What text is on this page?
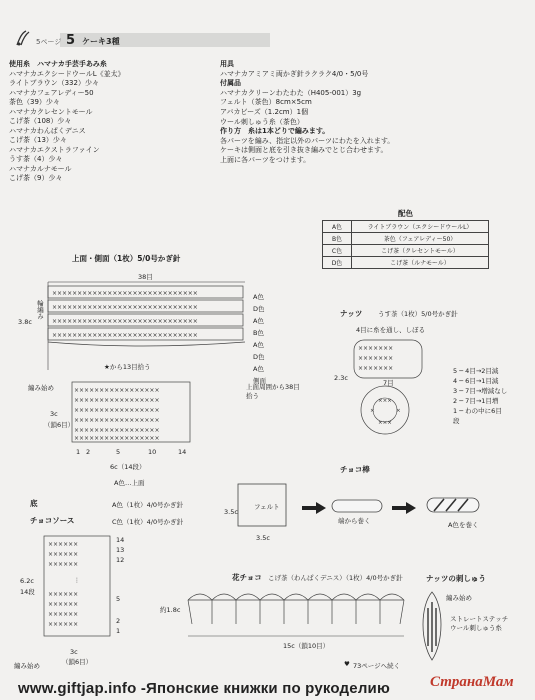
5ページ 5 ケーキ3種
使用糸　ハマナカ手芸手あみ糸
ハマナカエクシードウールL《並太》
ライトブラウン（332）少々
ハマナカフェアレディー50
茶色（39）少々
ハマナカクレセントモール
こげ茶（108）少々
ハマナカわんぱくデニス
こげ茶（13）少々
ハマナカエクストラファイン
うす茶（4）少々
ハマナカルナモール
こげ茶（9）少々
用具
ハマナカアミアミ両かぎ針ラクラク4/0・5/0号
付属品
ハマナカクリーンわたわた（H405-001）3g
フェルト（茶色）8cm×5cm
アバカビーズ（1.2cm）1個
ウール刺しゅう糸（茶色）
作り方　糸は1本どりで編みます。
各パーツを編み、指定以外のパーツにわたを入れます。
ケーキは側面と底を引き抜き編みでとじ合わせます。
上面に各パーツをつけます。
配色
A色	ライトブラウン（エクシードウールL）
B色	茶色（フェアレディー50）
C色	こげ茶（クレセントモール）
D色	こげ茶（ルナモール）
上面・側面（1枚）5/0号かぎ針
38目
3.8c
輪編み
×××××××××××××××××××××××××××××
×××××××××××××××××××××××××××××
×××××××××××××××××××××××××××××
×××××××××××××××××××××××××××××
A色
D色
A色
B色
A色
D色
A色
側面
★から13目拾う
上面周囲から38目拾う
編み始め	×××××××××××××××××
×××××××××××××××××
×××××××××××××××××
×××××××××××××××××
×××××××××××××××××
×××××××××××××××××
3c
（鎖6目）
1 2	5	10	14
6c（14段）
A色…上面
ナッツ うす茶（1枚）5/0号かぎ針
4目に糸を通し、しぼる
×××××××
×××××××
×××××××
×××
×	×
×××
2.3c
7目
5 ─ 4目→2目減
4 ─ 6目→1目減
3 ─ 7目→増減なし
2 ─ 7目→1目増
1 ─ わの中に6目
段
チョコ棒
フェルト
3.5c
3.5c
端から巻く	A色を巻く
底	A色（1枚）4/0号かぎ針
チョコソース	C色（1枚）4/0号かぎ針
××××××
××××××
××××××
××××××
××××××
××××××
××××××
⋮
14
13
12
5
2
1
6.2c
14段
3c
（鎖6目）
編み始め
花チョコ こげ茶（わんぱくデニス）（1枚）4/0号かぎ針
約1.8c
15c（鎖10目）
73ページへ続く
♥
ナッツの刺しゅう
編み始め
ストレートステッチ
ウール刺しゅう糸
www.giftjap.info -Японские книжки по рукоделию	СтранаМам
